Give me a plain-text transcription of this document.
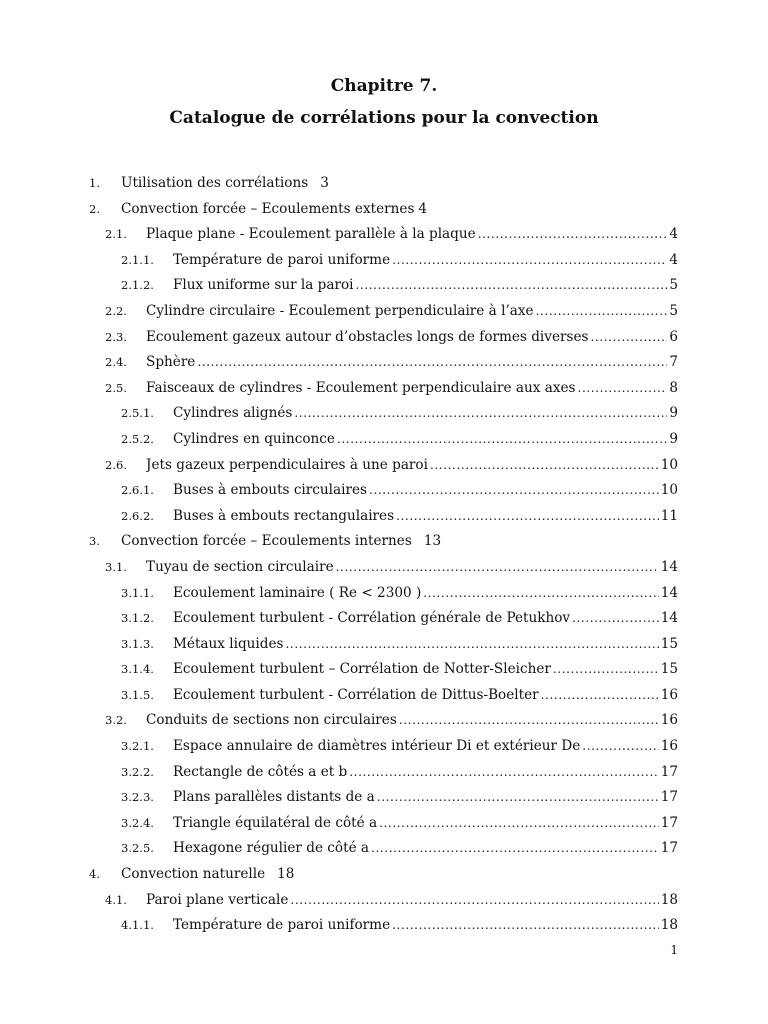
Chapitre 7.
Catalogue de corrélations pour la convection
1. Utilisation des corrélations 3
2. Convection forcée – Ecoulements externes 4
2.1. Plaque plane - Ecoulement parallèle à la plaque .....	4
2.1.1. Température de paroi uniforme .....	4
2.1.2. Flux uniforme sur la paroi .....	5
2.2. Cylindre circulaire - Ecoulement perpendiculaire à l’axe .....	5
2.3. Ecoulement gazeux autour d’obstacles longs de formes diverses .....	6
2.4. Sphère .....	7
2.5. Faisceaux de cylindres - Ecoulement perpendiculaire aux axes .....	8
2.5.1. Cylindres alignés .....	9
2.5.2. Cylindres en quinconce .....	9
2.6. Jets gazeux perpendiculaires à une paroi .....	10
2.6.1. Buses à embouts circulaires .....	10
2.6.2. Buses à embouts rectangulaires .....	11
3. Convection forcée – Ecoulements internes 13
3.1. Tuyau de section circulaire .....	14
3.1.1. Ecoulement laminaire ( Re < 2300 ) .....	14
3.1.2. Ecoulement turbulent - Corrélation générale de Petukhov .....	14
3.1.3. Métaux liquides .....	15
3.1.4. Ecoulement turbulent – Corrélation de Notter-Sleicher .....	15
3.1.5. Ecoulement turbulent - Corrélation de Dittus-Boelter .....	16
3.2. Conduits de sections non circulaires .....	16
3.2.1. Espace annulaire de diamètres intérieur Di et extérieur De .....	16
3.2.2. Rectangle de côtés a et b .....	17
3.2.3. Plans parallèles distants de a .....	17
3.2.4. Triangle équilatéral de côté a .....	17
3.2.5. Hexagone régulier de côté a .....	17
4. Convection naturelle 18
4.1. Paroi plane verticale .....	18
4.1.1. Température de paroi uniforme .....	18
1
